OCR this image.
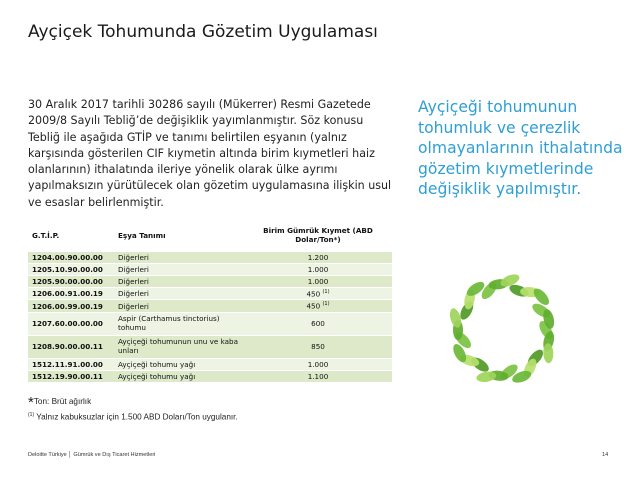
Ayçiçek Tohumunda Gözetim Uygulaması
30 Aralık 2017 tarihli 30286 sayılı (Mükerrer) Resmi Gazetede 2009/8 Sayılı Tebliğ’de değişiklik yayımlanmıştır. Söz konusu Tebliğ ile aşağıda GTİP ve tanımı belirtilen eşyanın (yalnız karşısında gösterilen CIF kıymetin altında birim kıymetleri haiz olanlarının) ithalatında ileriye yönelik olarak ülke ayrımı yapılmaksızın yürütülecek olan gözetim uygulamasına ilişkin usul ve esaslar belirlenmiştir.
Ayçiçeği tohumunun tohumluk ve çerezlik olmayanlarının ithalatında gözetim kıymetlerinde değişiklik yapılmıştır.
G.T.İ.P.	Eşya Tanımı	Birim Gümrük Kıymet (ABD Dolar/Ton*)
1204.00.90.00.00	Diğerleri	1.200
1205.10.90.00.00	Diğerleri	1.000
1205.90.00.00.00	Diğerleri	1.000
1206.00.91.00.19	Diğerleri	450 $^{(1)}$
1206.00.99.00.19	Diğerleri	450 $^{(1)}$
1207.60.00.00.00	Aspir (Carthamus tinctorius) tohumu	600
1208.90.00.00.11	Ayçiçeği tohumunun unu ve kaba unları	850
1512.11.91.00.00	Ayçiçeği tohumu yağı	1.000
1512.19.90.00.11	Ayçiçeği tohumu yağı	1.100
*Ton: Brüt ağırlık
$^{(1)}$ Yalnız kabuksuzlar için 1.500 ABD Doları/Ton uygulanır.
Deloitte Türkiye │ Gümrük ve Dış Ticaret Hizmetleri	14
